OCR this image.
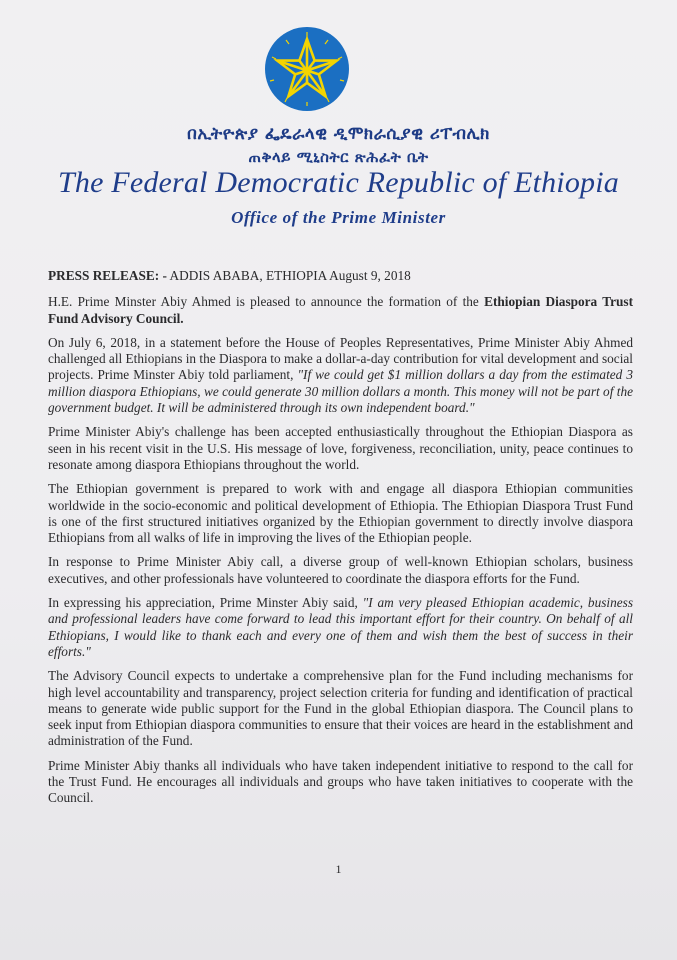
በኢትዮጵያ ፌዴራላዊ ዲሞክራሲያዊ ሪፐብሊክ
ጠቅላይ ሚኒስትር ጽሕፈት ቤት
The Federal Democratic Republic of Ethiopia
Office of the Prime Minister

PRESS RELEASE: - ADDIS ABABA, ETHIOPIA August 9, 2018

H.E. Prime Minster Abiy Ahmed is pleased to announce the formation of the Ethiopian Diaspora Trust Fund Advisory Council.

On July 6, 2018, in a statement before the House of Peoples Representatives, Prime Minister Abiy Ahmed challenged all Ethiopians in the Diaspora to make a dollar-a-day contribution for vital development and social projects. Prime Minster Abiy told parliament, "If we could get $1 million dollars a day from the estimated 3 million diaspora Ethiopians, we could generate 30 million dollars a month. This money will not be part of the government budget. It will be administered through its own independent board."

Prime Minister Abiy's challenge has been accepted enthusiastically throughout the Ethiopian Diaspora as seen in his recent visit in the U.S. His message of love, forgiveness, reconciliation, unity, peace continues to resonate among diaspora Ethiopians throughout the world.

The Ethiopian government is prepared to work with and engage all diaspora Ethiopian communities worldwide in the socio-economic and political development of Ethiopia. The Ethiopian Diaspora Trust Fund is one of the first structured initiatives organized by the Ethiopian government to directly involve diaspora Ethiopians from all walks of life in improving the lives of the Ethiopian people.

In response to Prime Minister Abiy call, a diverse group of well-known Ethiopian scholars, business executives, and other professionals have volunteered to coordinate the diaspora efforts for the Fund.

In expressing his appreciation, Prime Minster Abiy said, "I am very pleased Ethiopian academic, business and professional leaders have come forward to lead this important effort for their country. On behalf of all Ethiopians, I would like to thank each and every one of them and wish them the best of success in their efforts."

The Advisory Council expects to undertake a comprehensive plan for the Fund including mechanisms for high level accountability and transparency, project selection criteria for funding and identification of practical means to generate wide public support for the Fund in the global Ethiopian diaspora. The Council plans to seek input from Ethiopian diaspora communities to ensure that their voices are heard in the establishment and administration of the Fund.

Prime Minister Abiy thanks all individuals who have taken independent initiative to respond to the call for the Trust Fund. He encourages all individuals and groups who have taken initiatives to cooperate with the Council.

1
